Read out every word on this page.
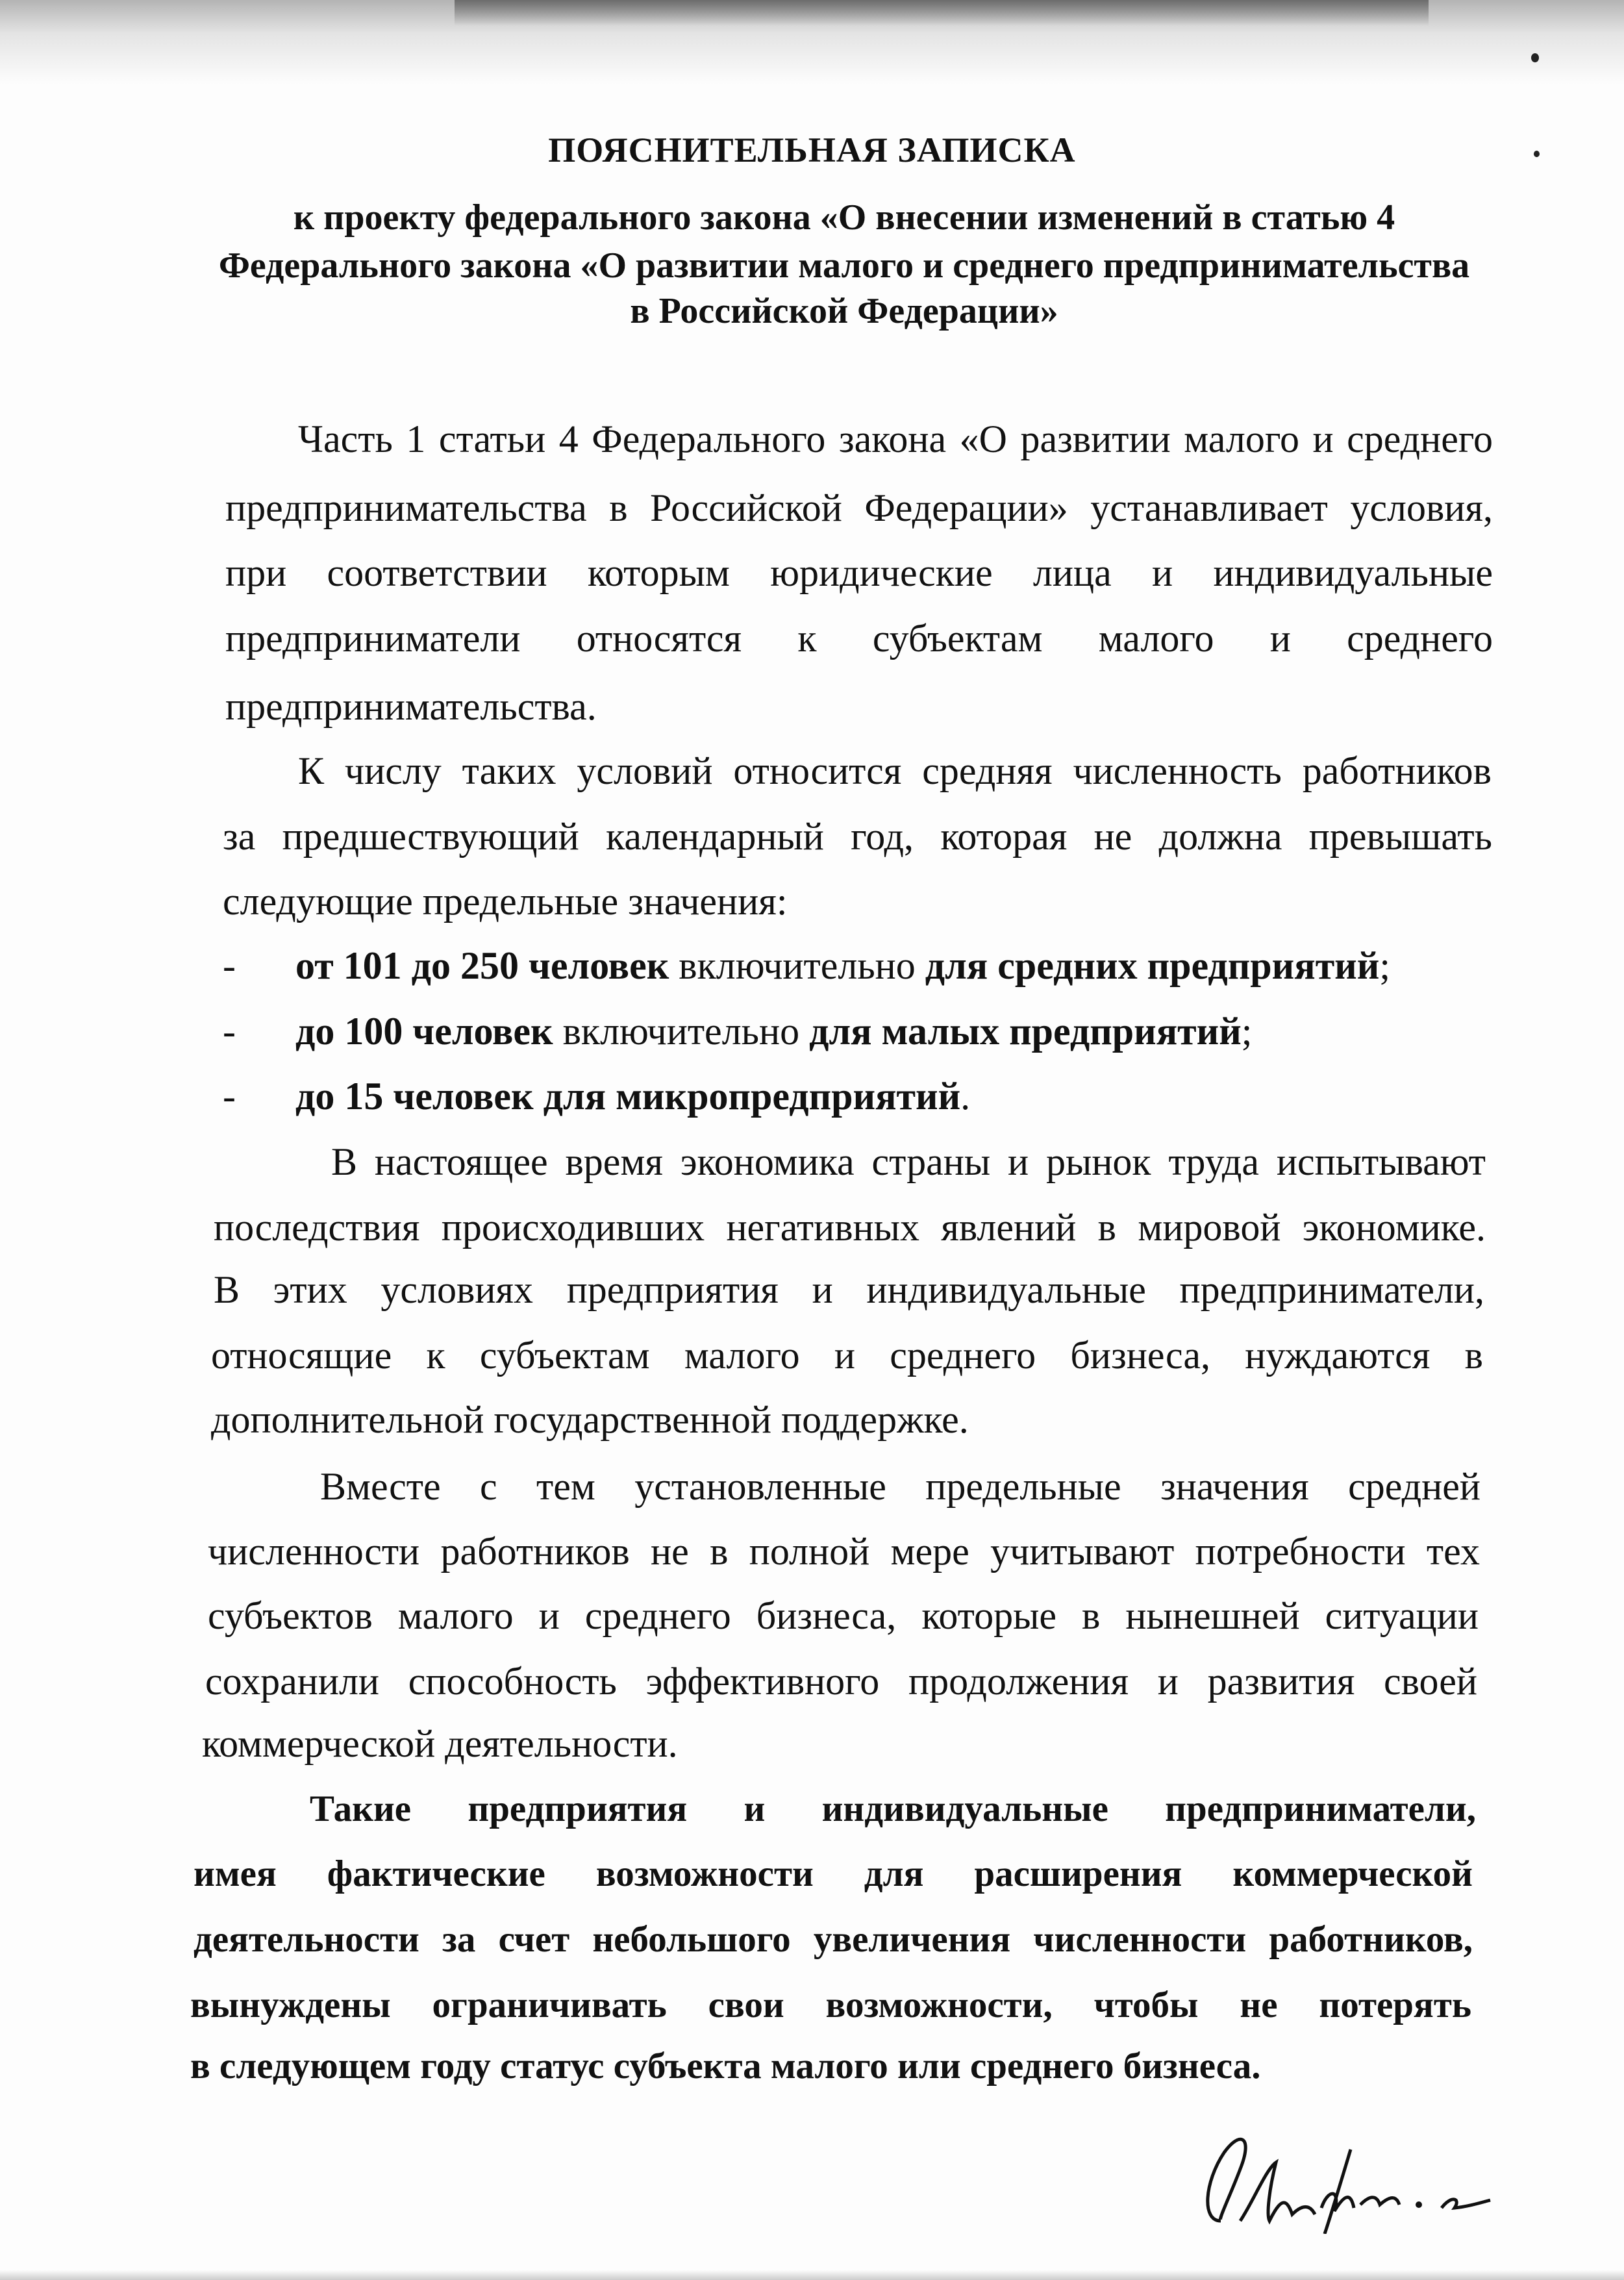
ПОЯСНИТЕЛЬНАЯ ЗАПИСКА
к проекту федерального закона «О внесении изменений в статью 4
Федерального закона «О развитии малого и среднего предпринимательства
в Российской Федерации»
Часть 1 статьи 4 Федерального закона «О развитии малого и среднего
предпринимательства в Российской Федерации» устанавливает условия,
при соответствии которым юридические лица и индивидуальные
предприниматели относятся к субъектам малого и среднего
предпринимательства.
К числу таких условий относится средняя численность работников
за предшествующий календарный год, которая не должна превышать
следующие предельные значения:
- от 101 до 250 человек включительно для средних предприятий;
- до 100 человек включительно для малых предприятий;
- до 15 человек для микропредприятий.
В настоящее время экономика страны и рынок труда испытывают
последствия происходивших негативных явлений в мировой экономике.
В этих условиях предприятия и индивидуальные предприниматели,
относящие к субъектам малого и среднего бизнеса, нуждаются в
дополнительной государственной поддержке.
Вместе с тем установленные предельные значения средней
численности работников не в полной мере учитывают потребности тех
субъектов малого и среднего бизнеса, которые в нынешней ситуации
сохранили способность эффективного продолжения и развития своей
коммерческой деятельности.
Такие предприятия и индивидуальные предприниматели,
имея фактические возможности для расширения коммерческой
деятельности за счет небольшого увеличения численности работников,
вынуждены ограничивать свои возможности, чтобы не потерять
в следующем году статус субъекта малого или среднего бизнеса.
